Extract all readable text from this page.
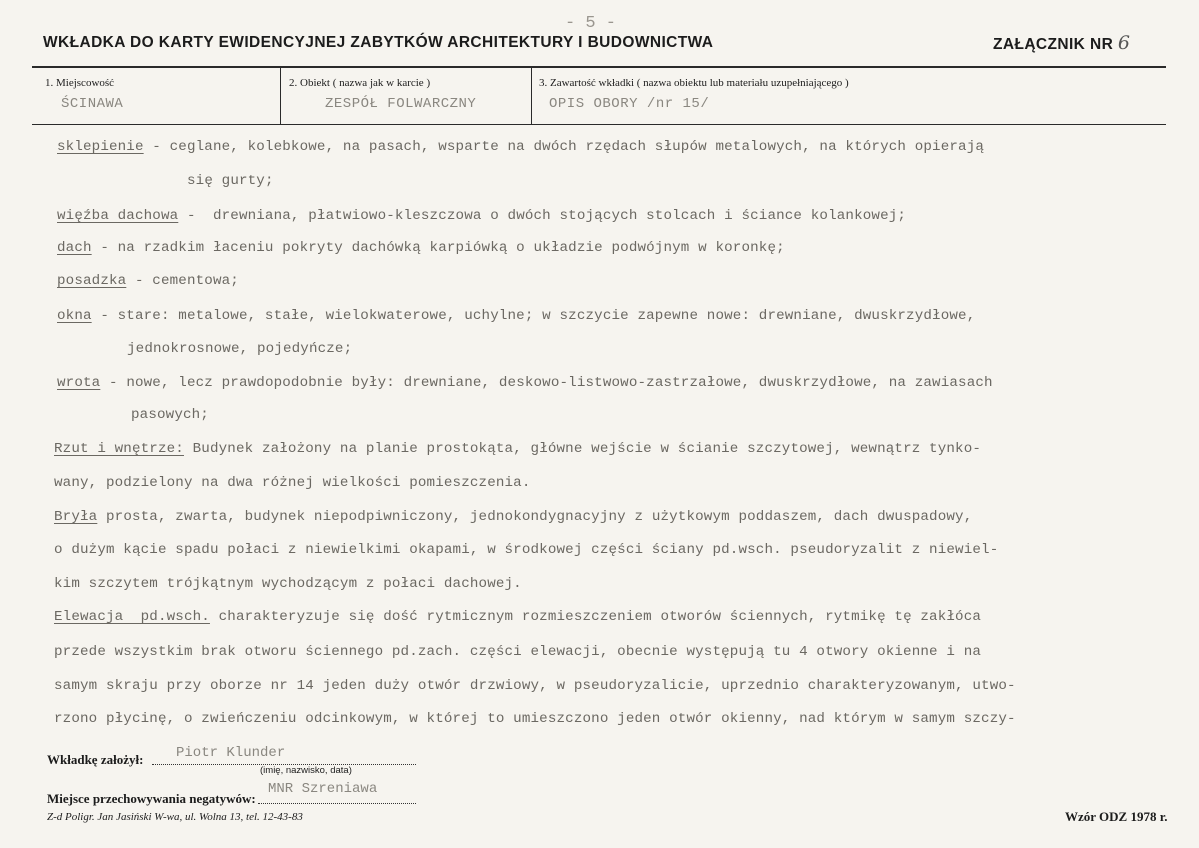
- 5 -
WKŁADKA DO KARTY EWIDENCYJNEJ ZABYTKÓW ARCHITEKTURY I BUDOWNICTWA	ZAŁĄCZNIK NR 6
1. Miejscowość
ŚCINAWA
2. Obiekt ( nazwa jak w karcie )
ZESPÓŁ FOLWARCZNY
3. Zawartość wkładki ( nazwa obiektu lub materiału uzupełniającego )
OPIS OBORY /nr 15/
sklepienie - ceglane, kolebkowe, na pasach, wsparte na dwóch rzędach słupów metalowych, na których opierają
się gurty;
więźba dachowa -  drewniana, płatwiowo-kleszczowa o dwóch stojących stolcach i ściance kolankowej;
dach - na rzadkim łaceniu pokryty dachówką karpiówką o układzie podwójnym w koronkę;
posadzka - cementowa;
okna - stare: metalowe, stałe, wielokwaterowe, uchylne; w szczycie zapewne nowe: drewniane, dwuskrzydłowe,
jednokrosnowe, pojedyńcze;
wrota - nowe, lecz prawdopodobnie były: drewniane, deskowo-listwowo-zastrzałowe, dwuskrzydłowe, na zawiasach
pasowych;
Rzut i wnętrze: Budynek założony na planie prostokąta, główne wejście w ścianie szczytowej, wewnątrz tynko-
wany, podzielony na dwa różnej wielkości pomieszczenia.
Bryła prosta, zwarta, budynek niepodpiwniczony, jednokondygnacyjny z użytkowym poddaszem, dach dwuspadowy,
o dużym kącie spadu połaci z niewielkimi okapami, w środkowej części ściany pd.wsch. pseudoryzalit z niewiel-
kim szczytem trójkątnym wychodzącym z połaci dachowej.
Elewacja  pd.wsch. charakteryzuje się dość rytmicznym rozmieszczeniem otworów ściennych, rytmikę tę zakłóca
przede wszystkim brak otworu ściennego pd.zach. części elewacji, obecnie występują tu 4 otwory okienne i na
samym skraju przy oborze nr 14 jeden duży otwór drzwiowy, w pseudoryzalicie, uprzednio charakteryzowanym, utwo-
rzono płycinę, o zwieńczeniu odcinkowym, w której to umieszczono jeden otwór okienny, nad którym w samym szczy-
Wkładkę założył: Piotr Klunder
(imię, nazwisko, data)
Miejsce przechowywania negatywów:
MNR Szreniawa
Z-d Poligr. Jan Jasiński W-wa, ul. Wolna 13, tel. 12-43-83	Wzór ODZ 1978 r.
